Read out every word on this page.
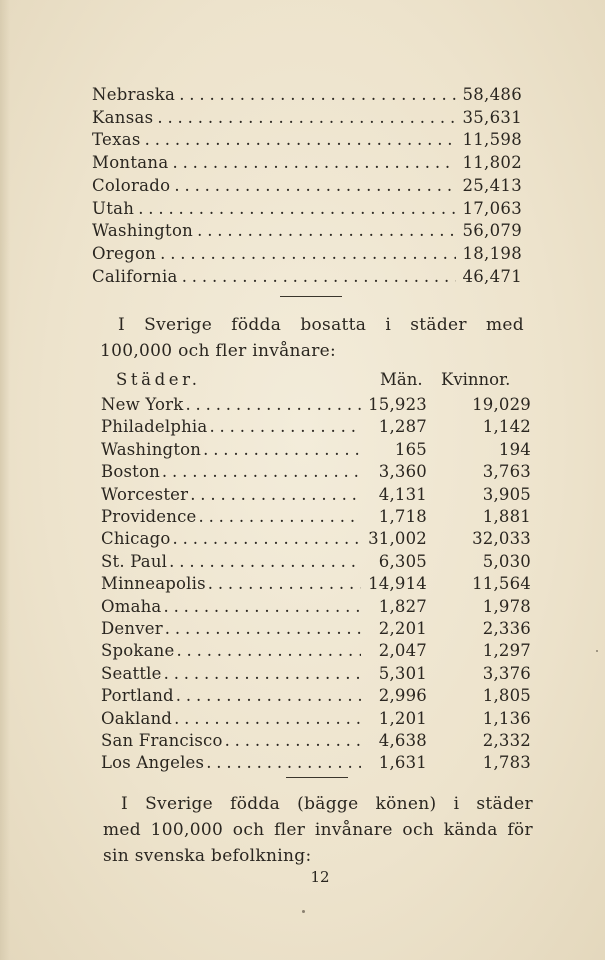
Nebraska . . .	58,486
Kansas . . .	35,631
Texas . . .	11,598
Montana . . .	11,802
Colorado . . .	25,413
Utah . . .	17,063
Washington . . .	56,079
Oregon . . .	18,198
California . . .	46,471
I Sverige födda bosatta i städer med
100,000 och fler invånare:
Städer.	Män. Kvinnor.
New York . . .	15,923	19,029
Philadelphia . . .	1,287	1,142
Washington . . .	165	194
Boston . . .	3,360	3,763
Worcester . . .	4,131	3,905
Providence . . .	1,718	1,881
Chicago . . .	31,002	32,033
St. Paul . . .	6,305	5,030
Minneapolis . . .	14,914	11,564
Omaha . . .	1,827	1,978
Denver . . .	2,201	2,336
Spokane . . .	2,047	1,297
Seattle . . .	5,301	3,376
Portland . . .	2,996	1,805
Oakland . . .	1,201	1,136
San Francisco . . .	4,638	2,332
Los Angeles . . .	1,631	1,783
I Sverige födda (bägge könen) i städer
med 100,000 och fler invånare och kända för
sin svenska befolkning:
12
